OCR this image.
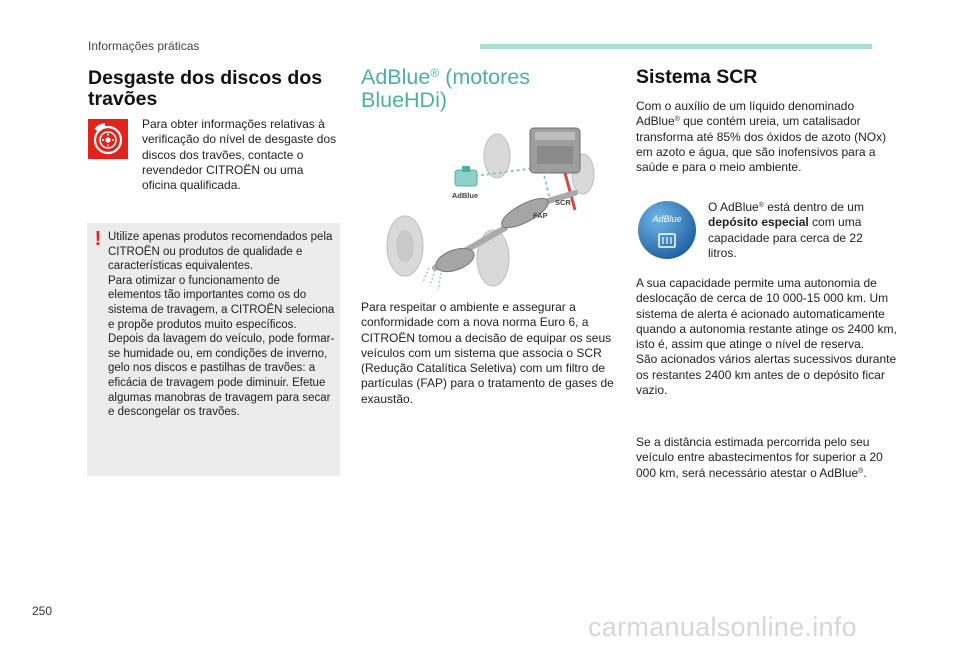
Informações práticas
Desgaste dos discos dos travões
Para obter informações relativas à verificação do nível de desgaste dos discos dos travões, contacte o revendedor CITROËN ou uma oficina qualificada.
! Utilize apenas produtos recomendados pela CITROËN ou produtos de qualidade e características equivalentes.

Para otimizar o funcionamento de elementos tão importantes como os do sistema de travagem, a CITROËN seleciona e propõe produtos muito específicos.

Depois da lavagem do veículo, pode formar-se humidade ou, em condições de inverno, gelo nos discos e pastilhas de travões: a eficácia de travagem pode diminuir. Efetue algumas manobras de travagem para secar e descongelar os travões.

AdBlue® (motores BlueHDi)
AdBlue
SCR
FAP
Para respeitar o ambiente e assegurar a conformidade com a nova norma Euro 6, a CITROËN tomou a decisão de equipar os seus veículos com um sistema que associa o SCR (Redução Catalítica Seletiva) com um filtro de partículas (FAP) para o tratamento de gases de exaustão.
Sistema SCR
Com o auxílio de um líquido denominado AdBlue® que contém ureia, um catalisador transforma até 85% dos óxidos de azoto (NOx) em azoto e água, que são inofensivos para a saúde e para o meio ambiente.
AdBlue
O AdBlue® está dentro de um depósito especial com uma capacidade para cerca de 22 litros.

A sua capacidade permite uma autonomia de deslocação de cerca de 10 000-15 000 km. Um sistema de alerta é acionado automaticamente quando a autonomia restante atinge os 2400 km, isto é, assim que atinge o nível de reserva.

São acionados vários alertas sucessivos durante os restantes 2400 km antes de o depósito ficar vazio.

Se a distância estimada percorrida pelo seu veículo entre abastecimentos for superior a 20 000 km, será necessário atestar o AdBlue®.
250
carmanualsonline.info
